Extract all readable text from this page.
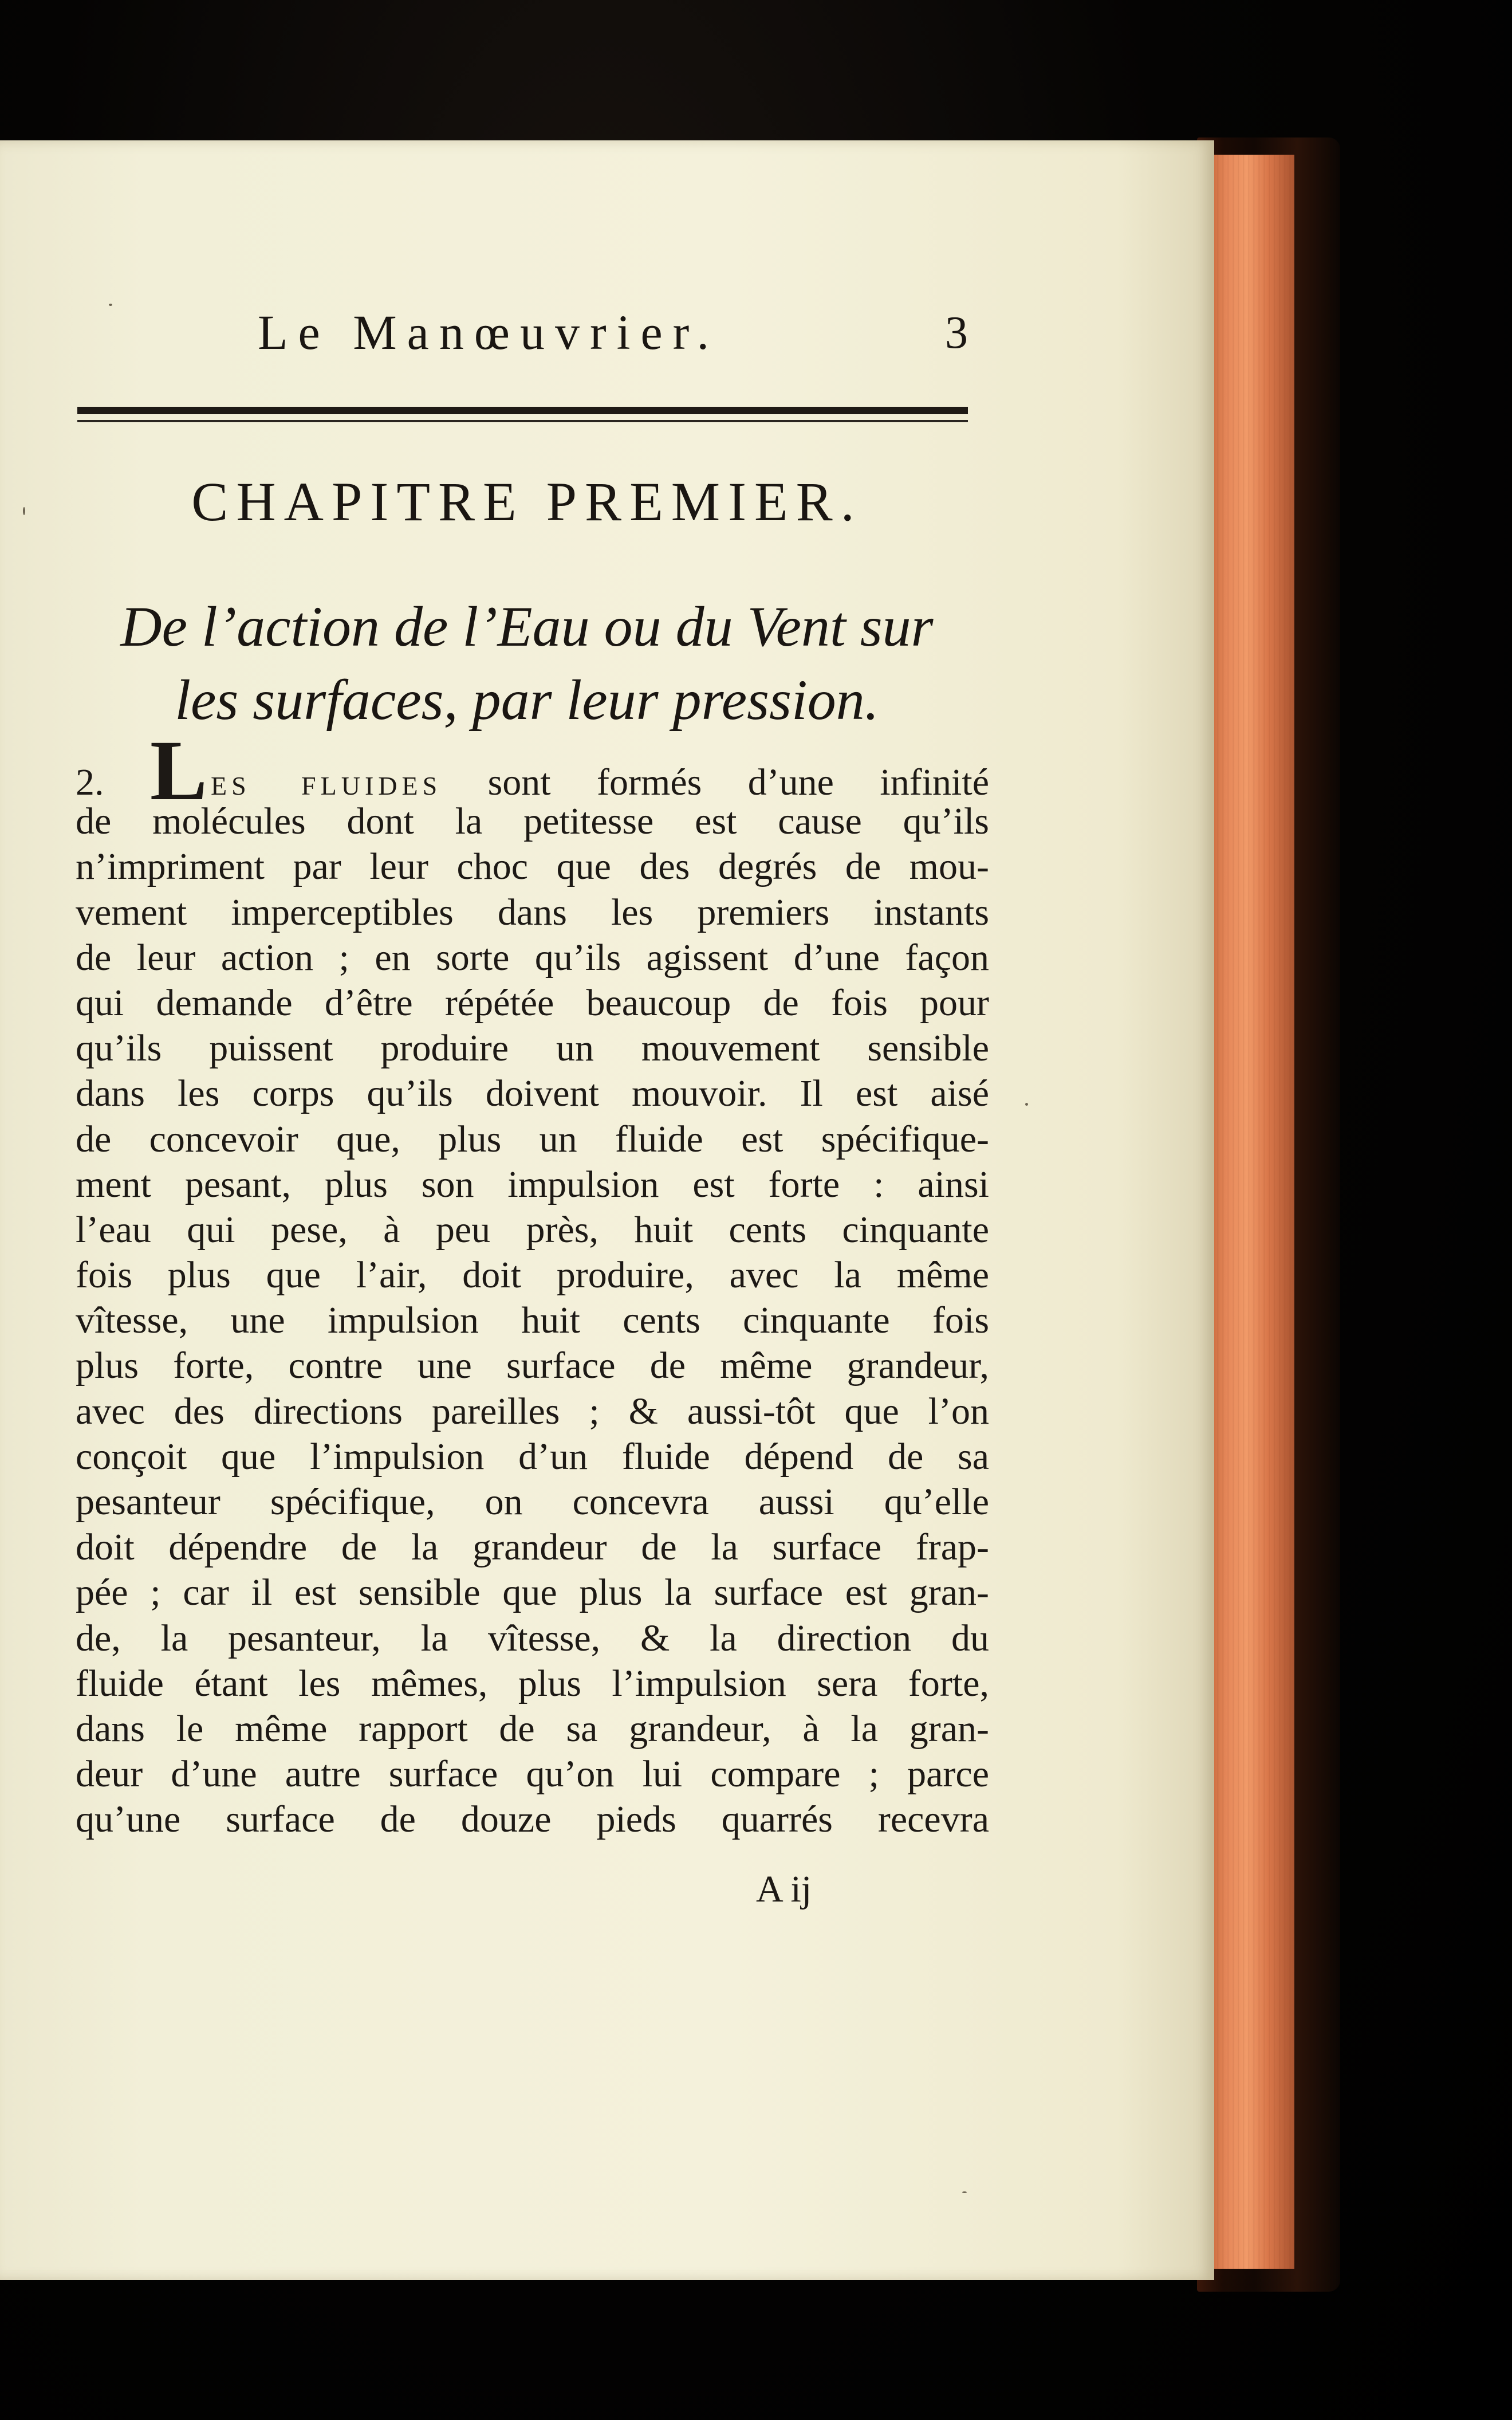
Le Manœuvrier.	3
CHAPITRE PREMIER.
De l’action de l’Eau ou du Vent sur
les surfaces, par leur pression.
2. Les fluides sont formés d’une infinité
de molécules dont la petitesse est cause qu’ils
n’impriment par leur choc que des degrés de mou-
vement imperceptibles dans les premiers instants
de leur action ; en sorte qu’ils agissent d’une façon
qui demande d’être répétée beaucoup de fois pour
qu’ils puissent produire un mouvement sensible
dans les corps qu’ils doivent mouvoir. Il est aisé
de concevoir que, plus un fluide est spécifique-
ment pesant, plus son impulsion est forte : ainsi
l’eau qui pese, à peu près, huit cents cinquante
fois plus que l’air, doit produire, avec la même
vîtesse, une impulsion huit cents cinquante fois
plus forte, contre une surface de même grandeur,
avec des directions pareilles ; & aussi-tôt que l’on
conçoit que l’impulsion d’un fluide dépend de sa
pesanteur spécifique, on concevra aussi qu’elle
doit dépendre de la grandeur de la surface frap-
pée ; car il est sensible que plus la surface est gran-
de, la pesanteur, la vîtesse, & la direction du
fluide étant les mêmes, plus l’impulsion sera forte,
dans le même rapport de sa grandeur, à la gran-
deur d’une autre surface qu’on lui compare ; parce
qu’une surface de douze pieds quarrés recevra
A ij
